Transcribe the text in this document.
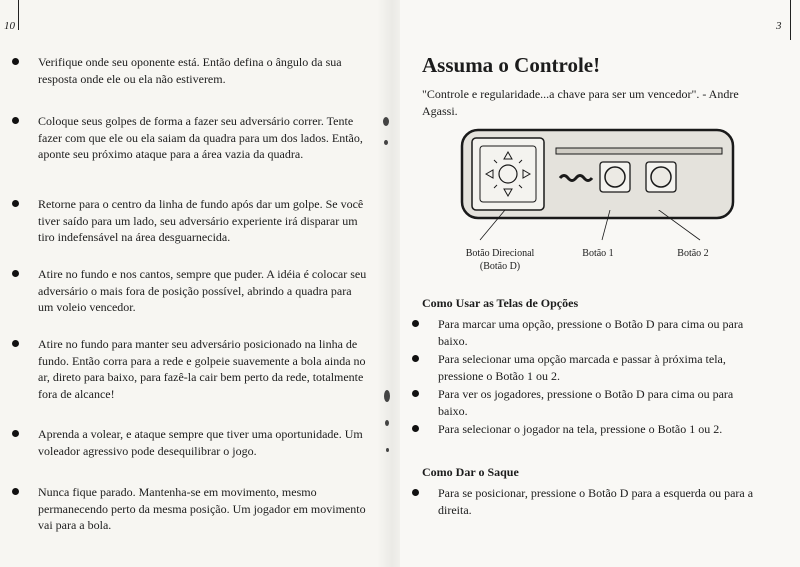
10
Verifique onde seu oponente está. Então defina o ângulo da sua resposta onde ele ou ela não estiverem.
Coloque seus golpes de forma a fazer seu adversário correr. Tente fazer com que ele ou ela saiam da quadra para um dos lados. Então, aponte seu próximo ataque para a área vazia da quadra.
Retorne para o centro da linha de fundo após dar um golpe. Se você tiver saído para um lado, seu adversário experiente irá disparar um tiro indefensável na área desguarnecida.
Atire no fundo e nos cantos, sempre que puder. A idéia é colocar seu adversário o mais fora de posição possível, abrindo a quadra para um voleio vencedor.
Atire no fundo para manter seu adversário posicionado na linha de fundo. Então corra para a rede e golpeie suavemente a bola ainda no ar, direto para baixo, para fazê-la cair bem perto da rede, totalmente fora de alcance!
Aprenda a volear, e ataque sempre que tiver uma oportunidade. Um voleador agressivo pode desequilibrar o jogo.
Nunca fique parado. Mantenha-se em movimento, mesmo permanecendo perto da mesma posição. Um jogador em movimento vai para a bola.
3
Assuma o Controle!

"Controle e regularidade...a chave para ser um vencedor". - Andre Agassi.

Botão Direcional
(Botão D)
Botão 1	Botão 2
Como Usar as Telas de Opções
Para marcar uma opção, pressione o Botão D para cima ou para baixo.
Para selecionar uma opção marcada e passar à próxima tela, pressione o Botão 1 ou 2.
Para ver os jogadores, pressione o Botão D para cima ou para baixo.
Para selecionar o jogador na tela, pressione o Botão 1 ou 2.
Como Dar o Saque
Para se posicionar, pressione o Botão D para a esquerda ou para a direita.
